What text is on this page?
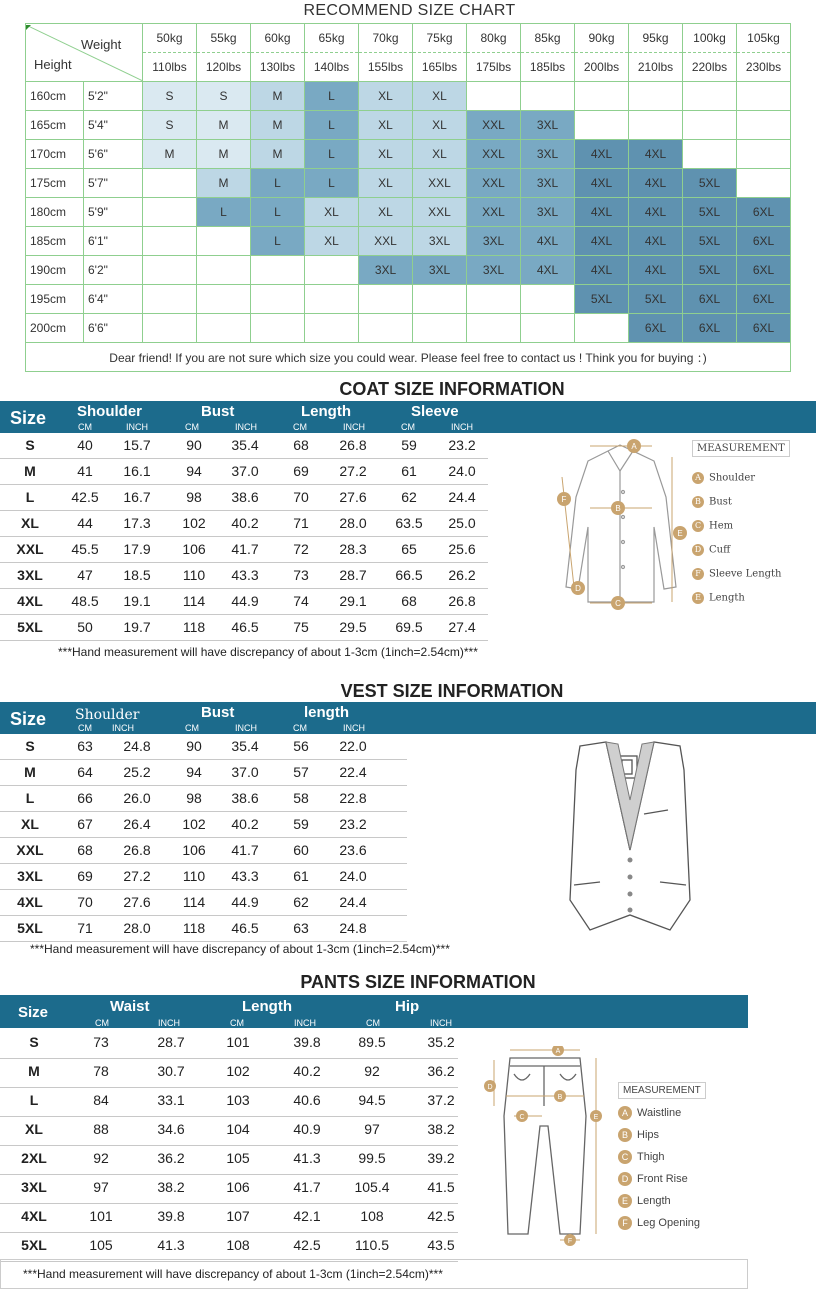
RECOMMEND SIZE CHART
Weight
Height		50kg	55kg	60kg	65kg	70kg	75kg	80kg	85kg	90kg	95kg	100kg	105kg
		110lbs	120lbs	130lbs	140lbs	155lbs	165lbs	175lbs	185lbs	200lbs	210lbs	220lbs	230lbs
160cm	5'2"	S	S	M	L	XL	XL						
165cm	5'4"	S	M	M	L	XL	XL	XXL	3XL				
170cm	5'6"	M	M	M	L	XL	XL	XXL	3XL	4XL	4XL		
175cm	5'7"		M	L	L	XL	XXL	XXL	3XL	4XL	4XL	5XL	
180cm	5'9"		L	L	XL	XL	XXL	XXL	3XL	4XL	4XL	5XL	6XL
185cm	6'1"			L	XL	XXL	3XL	3XL	4XL	4XL	4XL	5XL	6XL
190cm	6'2"					3XL	3XL	3XL	4XL	4XL	4XL	5XL	6XL
195cm	6'4"									5XL	5XL	6XL	6XL
200cm	6'6"										6XL	6XL	6XL
Dear friend! If you are not sure which size you could wear. Please feel free to contact us ! Think you for buying ：)													
COAT SIZE INFORMATION
Size Shoulder	Bust	Length	Sleeve
CM	INCH	CM	INCH	CM	INCH	CM	INCH
S	40	15.7	90	35.4	68	26.8	59	23.2
M	41	16.1	94	37.0	69	27.2	61	24.0
L	42.5	16.7	98	38.6	70	27.6	62	24.4
XL	44	17.3	102	40.2	71	28.0	63.5	25.0
XXL	45.5	17.9	106	41.7	72	28.3	65	25.6
3XL	47	18.5	110	43.3	73	28.7	66.5	26.2
4XL	48.5	19.1	114	44.9	74	29.1	68	26.8
5XL	50	19.7	118	46.5	75	29.5	69.5	27.4
***Hand measurement will have discrepancy of about 1-3cm (1inch=2.54cm)***
A
B
C
D
E
F
MEASUREMENT
A Shoulder
B Bust
C Hem
D Cuff
F Sleeve Length
E Length
VEST SIZE INFORMATION
Size Shoulder	Bust	length
CM INCH	CM	INCH	CM	INCH
S	63	24.8	90	35.4	56	22.0
M	64	25.2	94	37.0	57	22.4
L	66	26.0	98	38.6	58	22.8
XL	67	26.4	102	40.2	59	23.2
XXL	68	26.8	106	41.7	60	23.6
3XL	69	27.2	110	43.3	61	24.0
4XL	70	27.6	114	44.9	62	24.4
5XL	71	28.0	118	46.5	63	24.8
***Hand measurement will have discrepancy of about 1-3cm (1inch=2.54cm)***
PANTS SIZE INFORMATION
Size	Waist	Length	Hip
CM	INCH	CM	INCH	CM	INCH
S	73	28.7	101	39.8	89.5	35.2
M	78	30.7	102	40.2	92	36.2
L	84	33.1	103	40.6	94.5	37.2
XL	88	34.6	104	40.9	97	38.2
2XL	92	36.2	105	41.3	99.5	39.2
3XL	97	38.2	106	41.7	105.4	41.5
4XL	101	39.8	107	42.1	108	42.5
5XL	105	41.3	108	42.5	110.5	43.5
***Hand measurement will have discrepancy of about 1-3cm (1inch=2.54cm)***
A
B
C
D
E
F
MEASUREMENT
A Waistline
B Hips
C Thigh
D Front Rise
E Length
F Leg Opening
